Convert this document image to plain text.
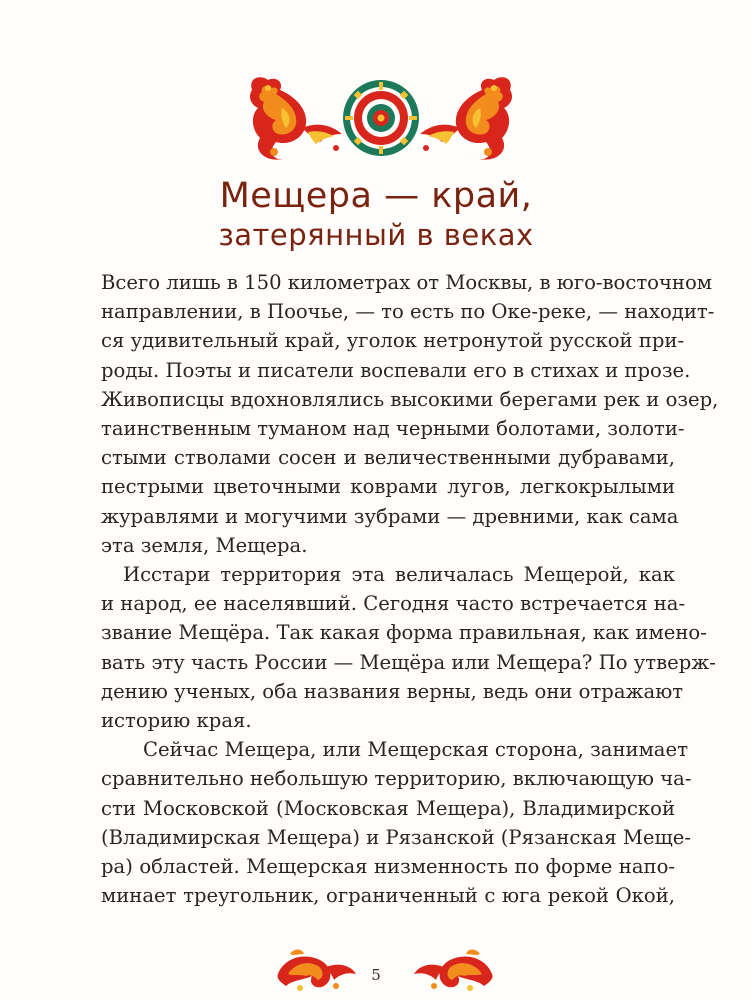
Мещера — край,
затерянный в веках

Всего лишь в 150 километрах от Москвы, в юго-восточном
направлении, в Поочье, — то есть по Оке-реке, — находит-
ся удивительный край, уголок нетронутой русской при-
роды. Поэты и писатели воспевали его в стихах и прозе.
Живописцы вдохновлялись высокими берегами рек и озер,
таинственным туманом над черными болотами, золоти-
стыми стволами сосен и величественными дубравами,
пестрыми цветочными коврами лугов, легкокрылыми
журавлями и могучими зубрами — древними, как сама
эта земля, Мещера.

Исстари территория эта величалась Мещерой, как
и народ, ее населявший. Сегодня часто встречается на-
звание Мещёра. Так какая форма правильная, как имено-
вать эту часть России — Мещёра или Мещера? По утверж-
дению ученых, оба названия верны, ведь они отражают
историю края.

Сейчас Мещера, или Мещерская сторона, занимает
сравнительно небольшую территорию, включающую ча-
сти Московской (Московская Мещера), Владимирской
(Владимирская Мещера) и Рязанской (Рязанская Меще-
ра) областей. Мещерская низменность по форме напо-
минает треугольник, ограниченный с юга рекой Окой,

5
